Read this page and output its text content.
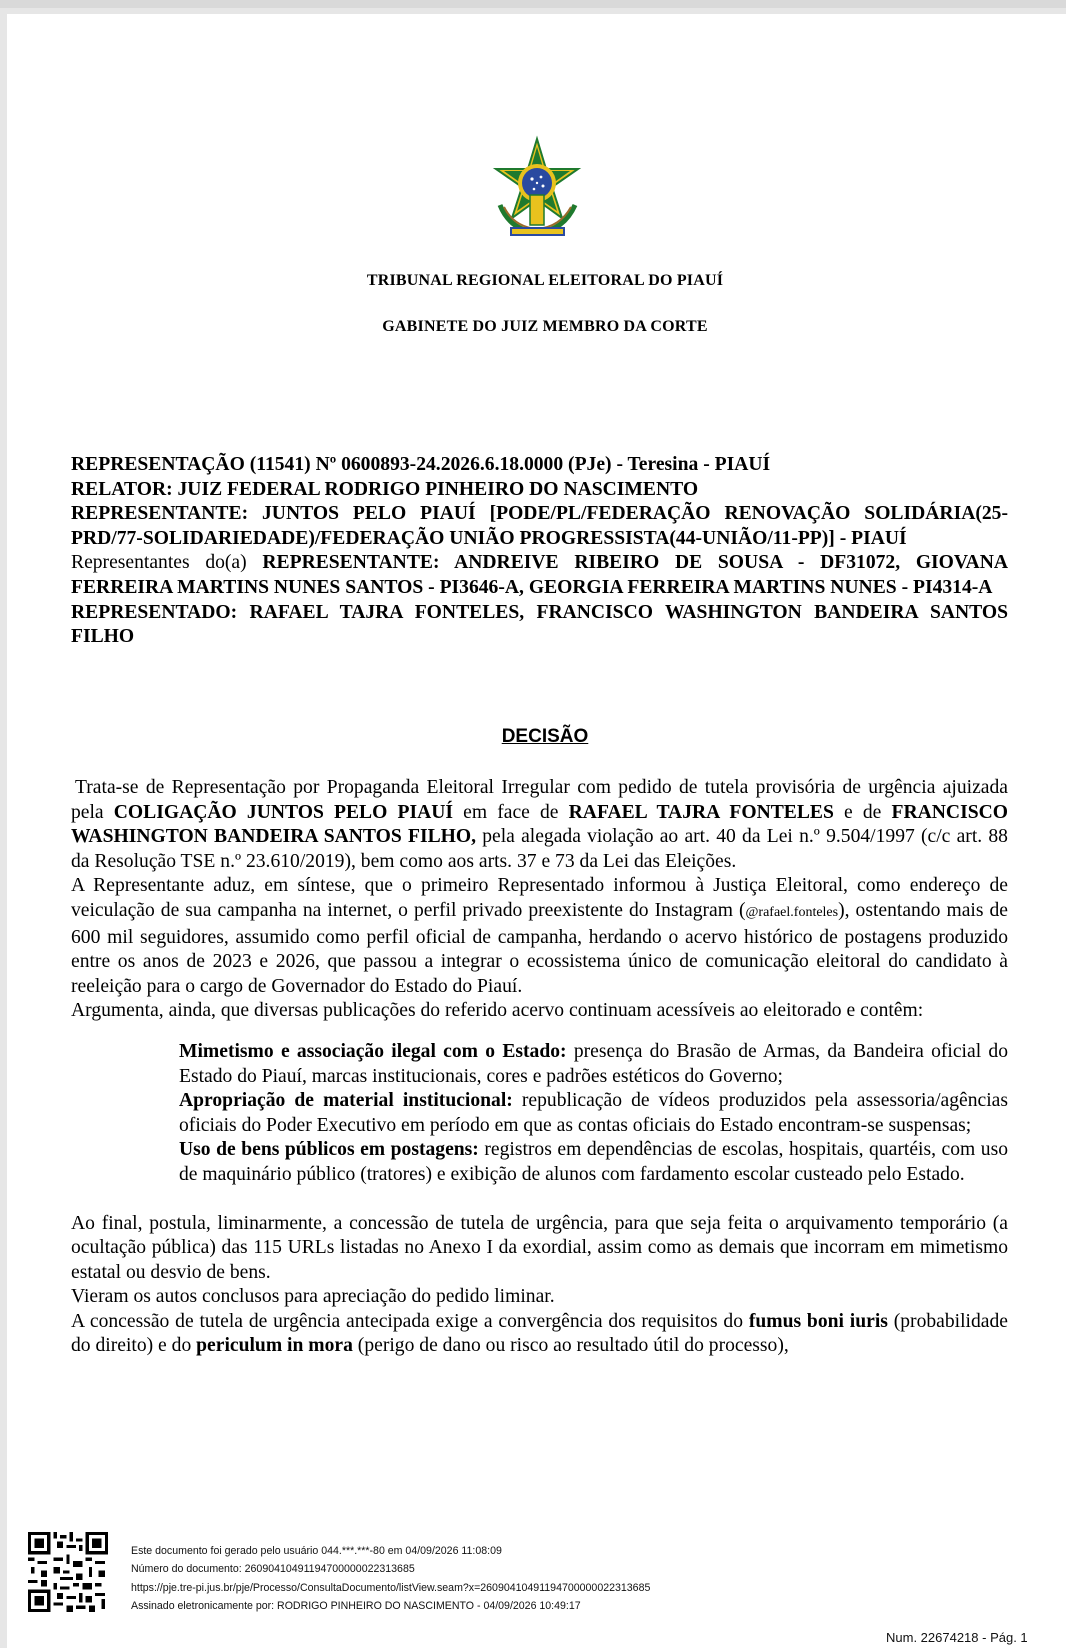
TRIBUNAL REGIONAL ELEITORAL DO PIAUÍ
GABINETE DO JUIZ MEMBRO DA CORTE

REPRESENTAÇÃO (11541) Nº 0600893-24.2026.6.18.0000 (PJe) - Teresina - PIAUÍ

RELATOR: JUIZ FEDERAL RODRIGO PINHEIRO DO NASCIMENTO

REPRESENTANTE: JUNTOS PELO PIAUÍ [PODE/PL/FEDERAÇÃO RENOVAÇÃO SOLIDÁRIA(25-PRD/77-SOLIDARIEDADE)/FEDERAÇÃO UNIÃO PROGRESSISTA(44-UNIÃO/11-PP)] - PIAUÍ

Representantes do(a) REPRESENTANTE: ANDREIVE RIBEIRO DE SOUSA - DF31072, GIOVANA FERREIRA MARTINS NUNES SANTOS - PI3646-A, GEORGIA FERREIRA MARTINS NUNES - PI4314-A

REPRESENTADO: RAFAEL TAJRA FONTELES, FRANCISCO WASHINGTON BANDEIRA SANTOS FILHO

DECISÃO

Trata-se de Representação por Propaganda Eleitoral Irregular com pedido de tutela provisória de urgência ajuizada pela COLIGAÇÃO JUNTOS PELO PIAUÍ em face de RAFAEL TAJRA FONTELES e de FRANCISCO WASHINGTON BANDEIRA SANTOS FILHO, pela alegada violação ao art. 40 da Lei n.º 9.504/1997 (c/c art. 88 da Resolução TSE n.º 23.610/2019), bem como aos arts. 37 e 73 da Lei das Eleições.

A Representante aduz, em síntese, que o primeiro Representado informou à Justiça Eleitoral, como endereço de veiculação de sua campanha na internet, o perfil privado preexistente do Instagram (@rafael.fonteles), ostentando mais de 600 mil seguidores, assumido como perfil oficial de campanha, herdando o acervo histórico de postagens produzido entre os anos de 2023 e 2026, que passou a integrar o ecossistema único de comunicação eleitoral do candidato à reeleição para o cargo de Governador do Estado do Piauí.

Argumenta, ainda, que diversas publicações do referido acervo continuam acessíveis ao eleitorado e contêm:

Mimetismo e associação ilegal com o Estado: presença do Brasão de Armas, da Bandeira oficial do Estado do Piauí, marcas institucionais, cores e padrões estéticos do Governo;

Apropriação de material institucional: republicação de vídeos produzidos pela assessoria/agências oficiais do Poder Executivo em período em que as contas oficiais do Estado encontram-se suspensas;

Uso de bens públicos em postagens: registros em dependências de escolas, hospitais, quartéis, com uso de maquinário público (tratores) e exibição de alunos com fardamento escolar custeado pelo Estado.

Ao final, postula, liminarmente, a concessão de tutela de urgência, para que seja feita o arquivamento temporário (a ocultação pública) das 115 URLs listadas no Anexo I da exordial, assim como as demais que incorram em mimetismo estatal ou desvio de bens.

Vieram os autos conclusos para apreciação do pedido liminar.

A concessão de tutela de urgência antecipada exige a convergência dos requisitos do fumus boni iuris (probabilidade do direito) e do periculum in mora (perigo de dano ou risco ao resultado útil do processo),

Este documento foi gerado pelo usuário 044.***.***-80 em 04/09/2026 11:08:09
Número do documento: 26090410491194700000022313685
https://pje.tre-pi.jus.br/pje/Processo/ConsultaDocumento/listView.seam?x=26090410491194700000022313685
Assinado eletronicamente por: RODRIGO PINHEIRO DO NASCIMENTO - 04/09/2026 10:49:17
Num. 22674218 - Pág. 1
